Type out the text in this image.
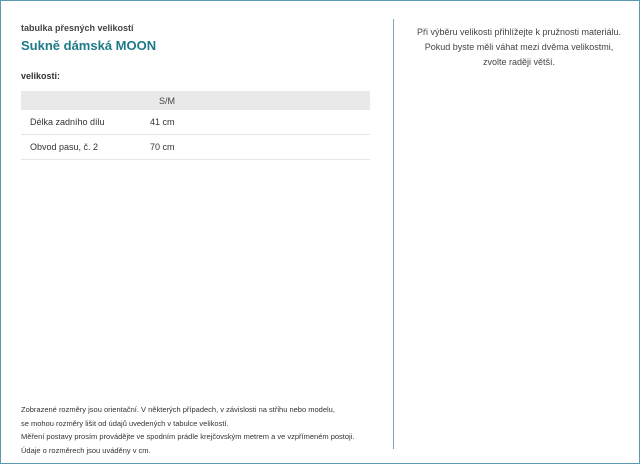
tabulka přesných velikostí

Sukně dámská MOON

velikosti:

	S/M
Délka zadního dílu	41 cm
Obvod pasu, č. 2	70 cm

Při výběru velikosti přihlížejte k pružnosti materiálu.

Pokud byste měli váhat mezi dvěma velikostmi,

zvolte raději větší.

Zobrazené rozměry jsou orientační. V některých případech, v závislosti na střihu nebo modelu,

se mohou rozměry lišit od údajů uvedených v tabulce velikostí.

Měření postavy prosím provádějte ve spodním prádle krejčovským metrem a ve vzpřímeném postoji.

Údaje o rozměrech jsou uváděny v cm.
